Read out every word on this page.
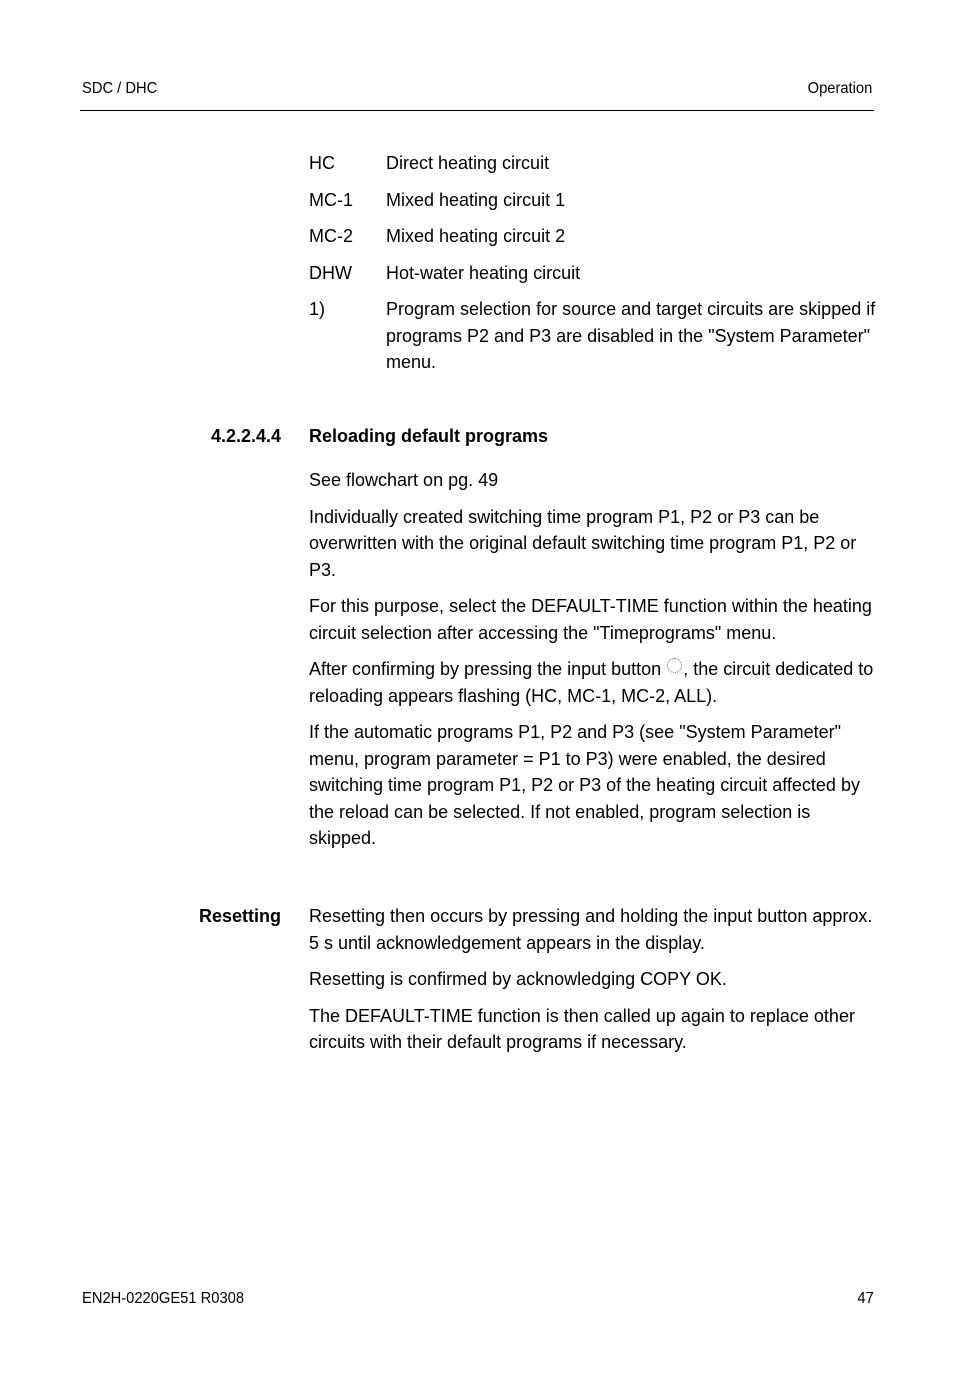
SDC / DHC	Operation
HC	Direct heating circuit
MC-1	Mixed heating circuit 1
MC-2	Mixed heating circuit 2
DHW	Hot-water heating circuit
1)	Program selection for source and target circuits are skipped if programs P2 and P3 are disabled in the "System Parameter" menu.
4.2.2.4.4 Reloading default programs

See flowchart on pg. 49

Individually created switching time program P1, P2 or P3 can be overwritten with the original default switching time program P1, P2 or P3.

For this purpose, select the DEFAULT-TIME function within the heating circuit selection after accessing the "Timeprograms" menu.

After confirming by pressing the input button , the circuit dedicated to reloading appears flashing (HC, MC-1, MC-2, ALL).

If the automatic programs P1, P2 and P3 (see "System Parameter" menu, program parameter = P1 to P3) were enabled, the desired switching time program P1, P2 or P3 of the heating circuit affected by the reload can be selected. If not enabled, program selection is skipped.

Resetting Resetting then occurs by pressing and holding the input button approx. 5 s until acknowledgement appears in the display.

Resetting is confirmed by acknowledging COPY OK.

The DEFAULT-TIME function is then called up again to replace other circuits with their default programs if necessary.

EN2H-0220GE51 R0308	47
